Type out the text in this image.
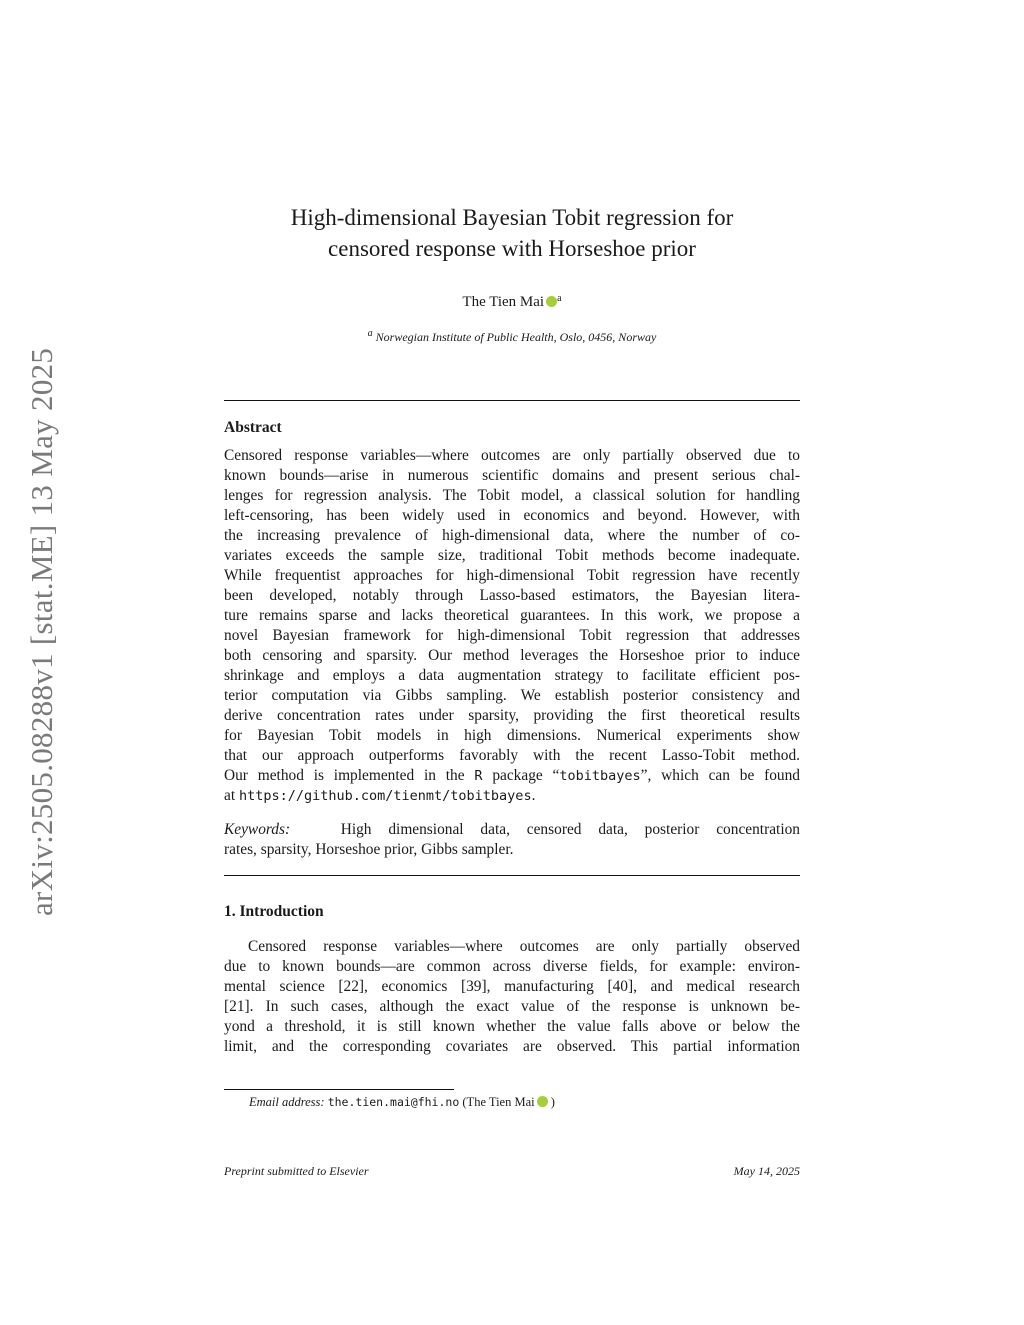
arXiv:2505.08288v1 [stat.ME] 13 May 2025
High-dimensional Bayesian Tobit regression for
censored response with Horseshoe prior
The Tien Mai $^a$
$^a$ Norwegian Institute of Public Health, Oslo, 0456, Norway
Abstract
Censored response variables—where outcomes are only partially observed due to
known bounds—arise in numerous scientific domains and present serious chal-
lenges for regression analysis. The Tobit model, a classical solution for handling
left-censoring, has been widely used in economics and beyond. However, with
the increasing prevalence of high-dimensional data, where the number of co-
variates exceeds the sample size, traditional Tobit methods become inadequate.
While frequentist approaches for high-dimensional Tobit regression have recently
been developed, notably through Lasso-based estimators, the Bayesian litera-
ture remains sparse and lacks theoretical guarantees. In this work, we propose a
novel Bayesian framework for high-dimensional Tobit regression that addresses
both censoring and sparsity. Our method leverages the Horseshoe prior to induce
shrinkage and employs a data augmentation strategy to facilitate efficient pos-
terior computation via Gibbs sampling. We establish posterior consistency and
derive concentration rates under sparsity, providing the first theoretical results
for Bayesian Tobit models in high dimensions. Numerical experiments show
that our approach outperforms favorably with the recent Lasso-Tobit method.
Our method is implemented in the R package “tobitbayes”, which can be found
at https://github.com/tienmt/tobitbayes.
Keywords:	High dimensional data, censored data, posterior concentration
rates, sparsity, Horseshoe prior, Gibbs sampler.
1. Introduction
Censored response variables—where outcomes are only partially observed
due to known bounds—are common across diverse fields, for example: environ-
mental science [22], economics [39], manufacturing [40], and medical research
[21]. In such cases, although the exact value of the response is unknown be-
yond a threshold, it is still known whether the value falls above or below the
limit, and the corresponding covariates are observed. This partial information
Email address: the.tien.mai@fhi.no (The Tien Mai )
Preprint submitted to Elsevier	May 14, 2025
